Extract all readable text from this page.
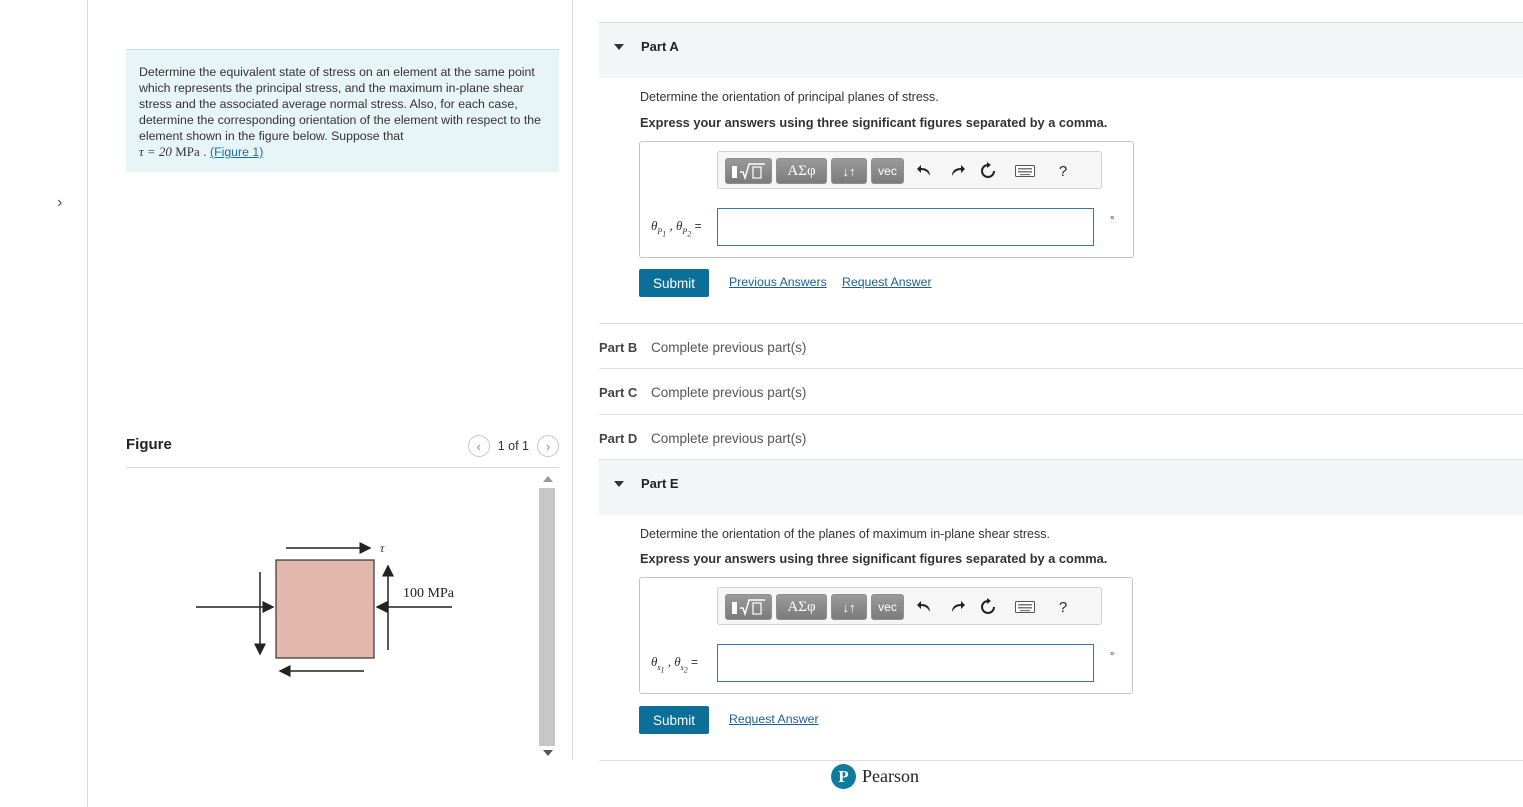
›
Determine the equivalent state of stress on an element at the same point which represents the principal stress, and the maximum in-plane shear stress and the associated average normal stress. Also, for each case, determine the corresponding orientation of the element with respect to the element shown in the figure below. Suppose that
τ = 20 MPa . (Figure 1)
Figure	‹	1 of 1	›
τ
100 MPa
Part A
Determine the orientation of principal planes of stress.
Express your answers using three significant figures separated by a comma.
ΑΣφ	↓↑	vec	?
$\theta_{P_1}$ , $\theta_{P_2}$ =	°
Submit	Previous Answers Request Answer
Part B Complete previous part(s)
Part C Complete previous part(s)
Part D Complete previous part(s)
Part E
Determine the orientation of the planes of maximum in-plane shear stress.
Express your answers using three significant figures separated by a comma.
ΑΣφ	↓↑	vec	?
$\theta_{s_1}$ , $\theta_{s_2}$ =	°
Submit	Request Answer
P Pearson
